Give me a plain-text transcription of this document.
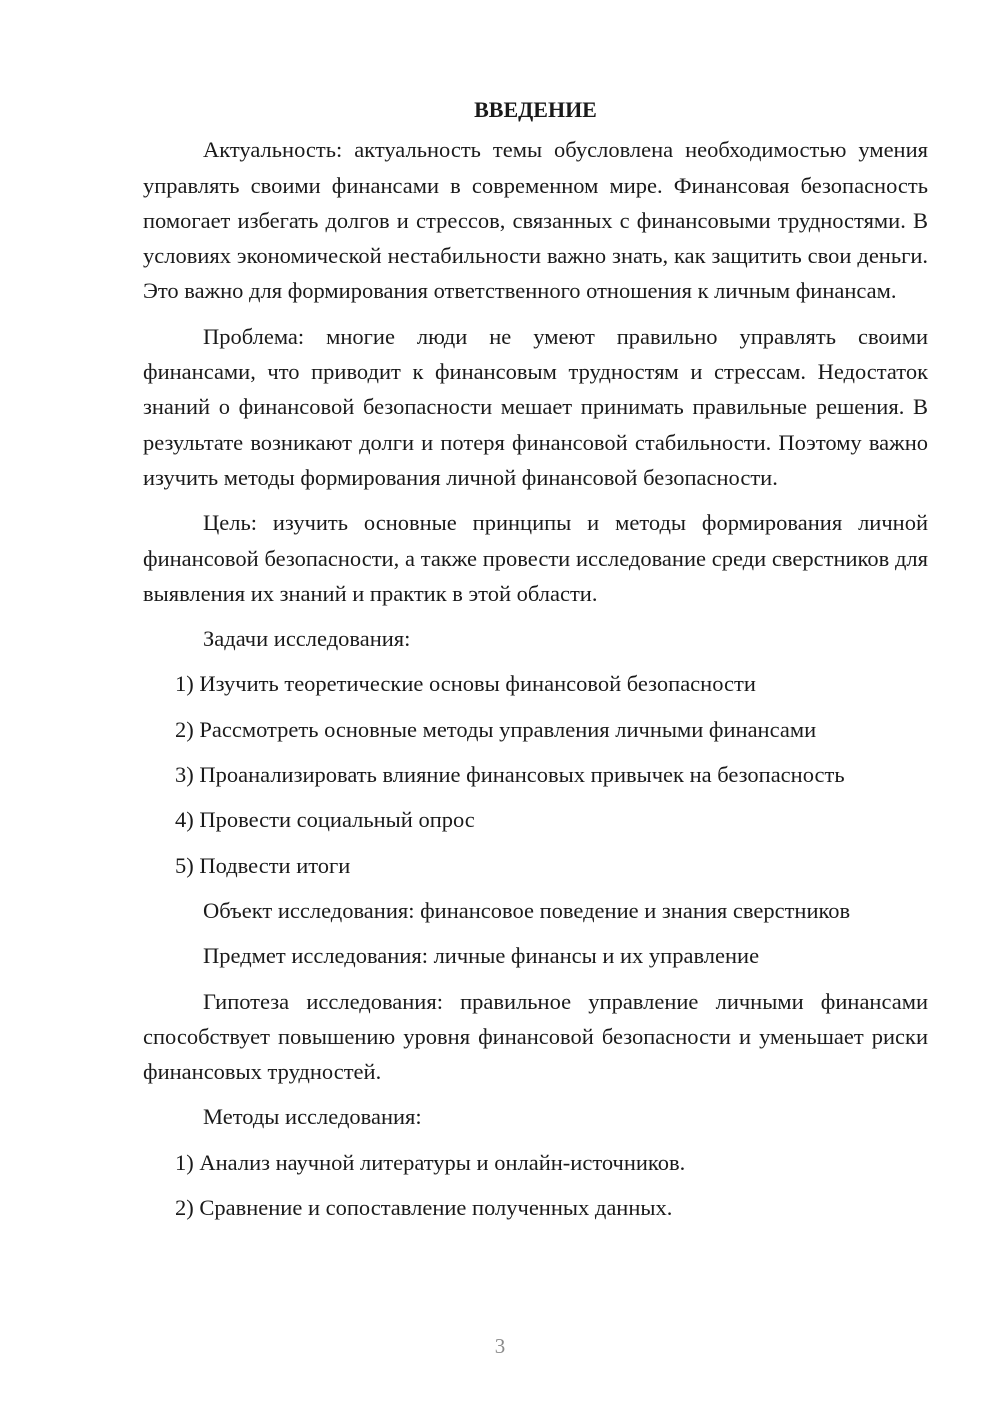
ВВЕДЕНИЕ

Актуальность: актуальность темы обусловлена необходимостью умения управлять своими финансами в современном мире. Финансовая безопасность помогает избегать долгов и стрессов, связанных с финансовыми трудностями. В условиях экономической нестабильности важно знать, как защитить свои деньги. Это важно для формирования ответственного отношения к личным финансам.

Проблема: многие люди не умеют правильно управлять своими финансами, что приводит к финансовым трудностям и стрессам. Недостаток знаний о финансовой безопасности мешает принимать правильные решения. В результате возникают долги и потеря финансовой стабильности. Поэтому важно изучить методы формирования личной финансовой безопасности.

Цель: изучить основные принципы и методы формирования личной финансовой безопасности, а также провести исследование среди сверстников для выявления их знаний и практик в этой области.

Задачи исследования:
1) Изучить теоретические основы финансовой безопасности
2) Рассмотреть основные методы управления личными финансами
3) Проанализировать влияние финансовых привычек на безопасность
4) Провести социальный опрос
5) Подвести итоги
Объект исследования: финансовое поведение и знания сверстников
Предмет исследования: личные финансы и их управление

Гипотеза исследования: правильное управление личными финансами способствует повышению уровня финансовой безопасности и уменьшает риски финансовых трудностей.

Методы исследования:
1) Анализ научной литературы и онлайн-источников.
2) Сравнение и сопоставление полученных данных.
3
